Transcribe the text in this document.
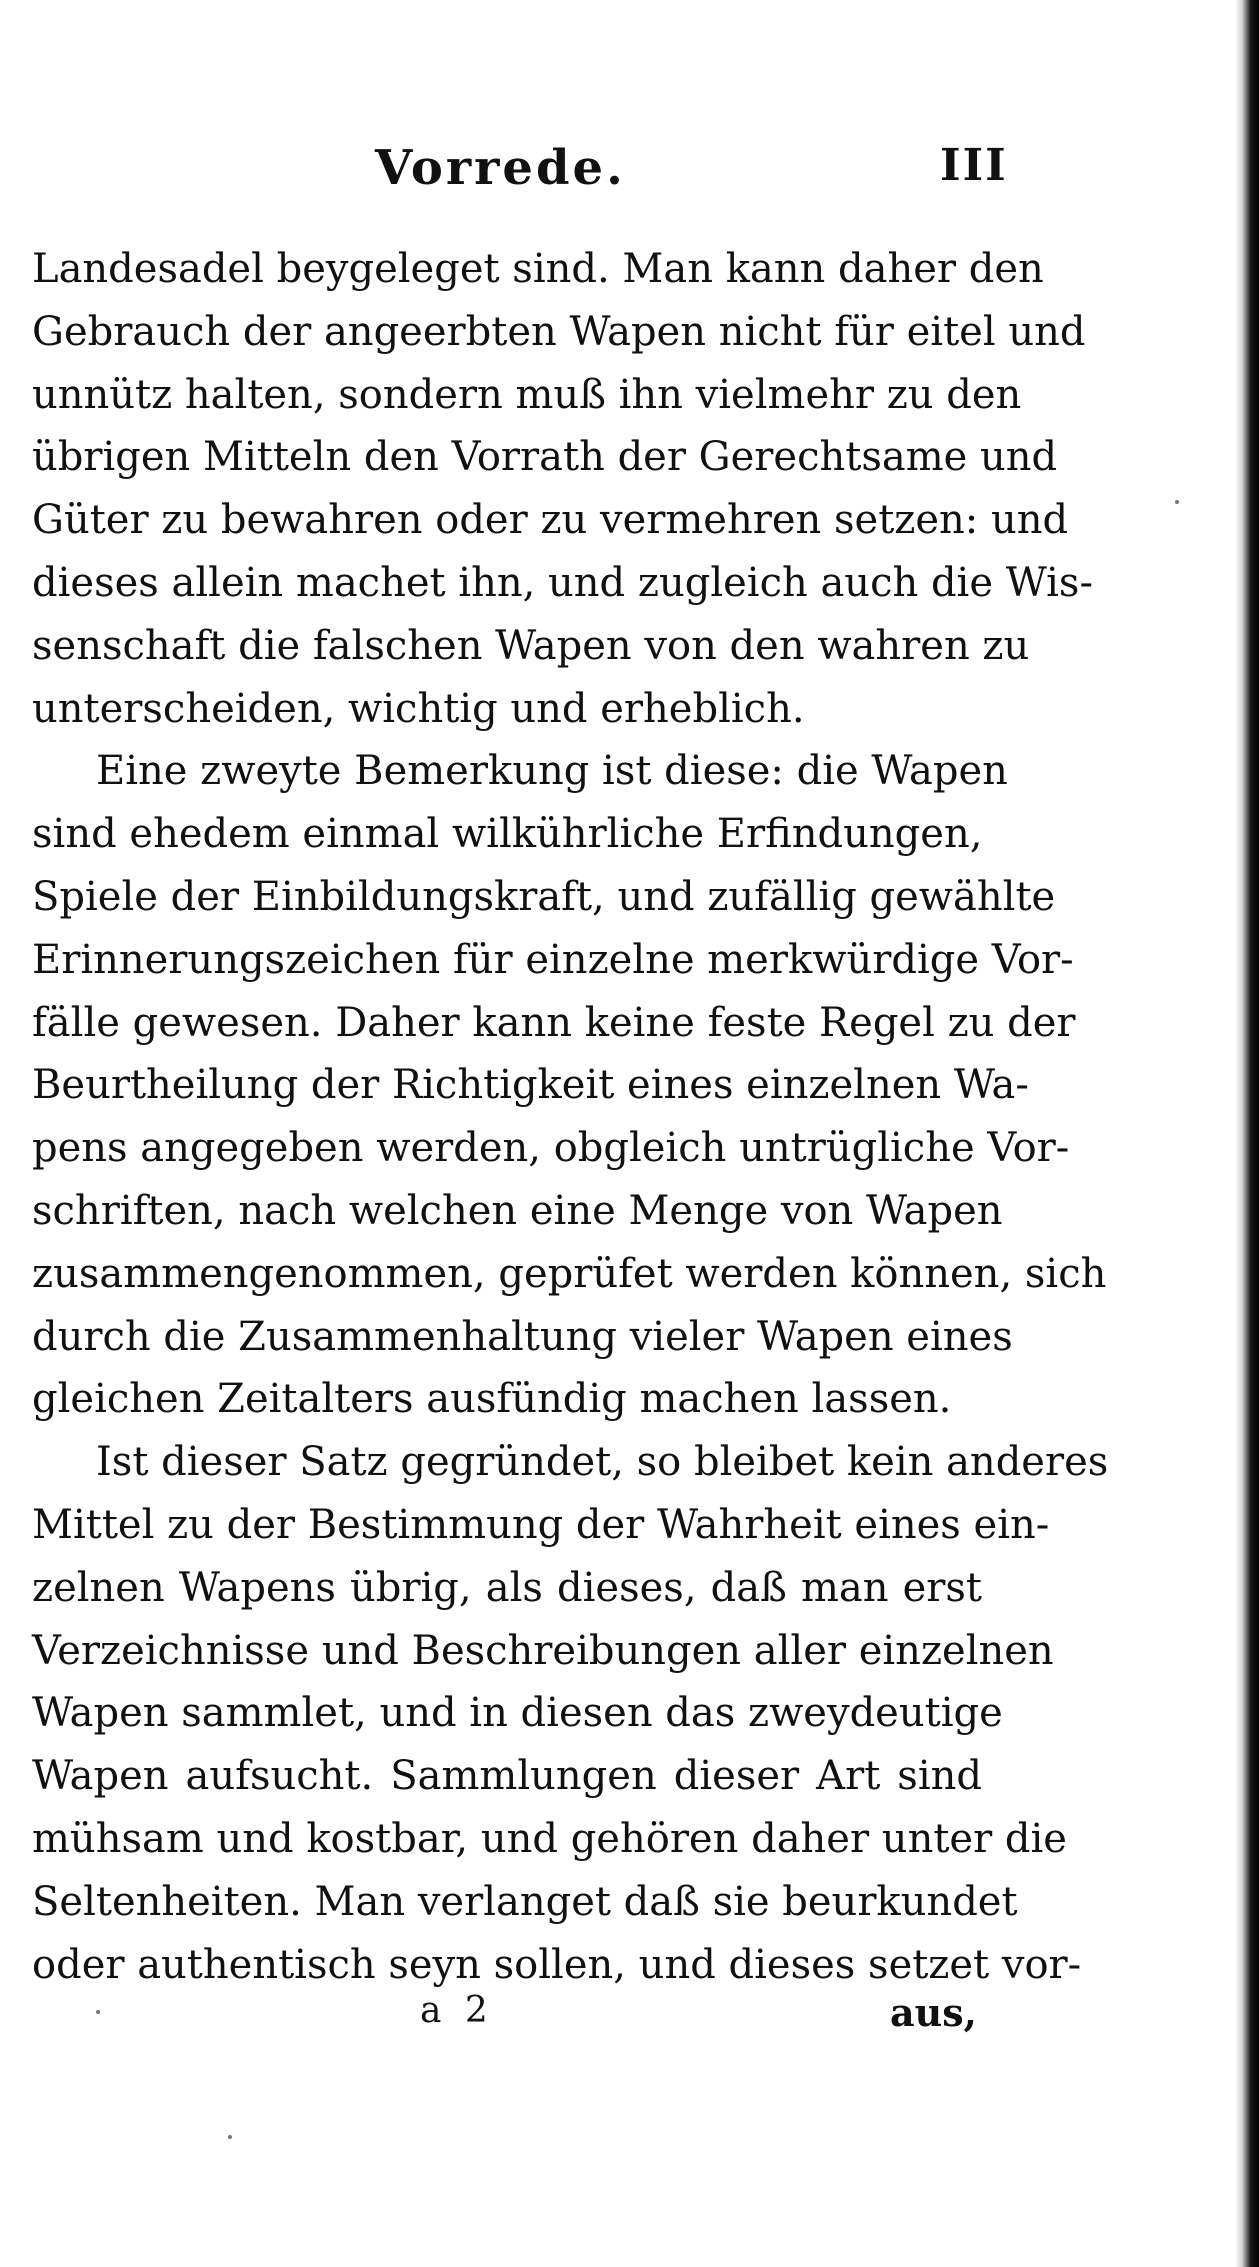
Vorrede.	III
Landesadel beygeleget sind. Man kann daher den
Gebrauch der angeerbten Wapen nicht für eitel und
unnütz halten, sondern muß ihn vielmehr zu den
übrigen Mitteln den Vorrath der Gerechtsame und
Güter zu bewahren oder zu vermehren setzen: und
dieses allein machet ihn, und zugleich auch die Wis-
senschaft die falschen Wapen von den wahren zu
unterscheiden, wichtig und erheblich.
Eine zweyte Bemerkung ist diese: die Wapen
sind ehedem einmal wilkührliche Erfindungen,
Spiele der Einbildungskraft, und zufällig gewählte
Erinnerungszeichen für einzelne merkwürdige Vor-
fälle gewesen. Daher kann keine feste Regel zu der
Beurtheilung der Richtigkeit eines einzelnen Wa-
pens angegeben werden, obgleich untrügliche Vor-
schriften, nach welchen eine Menge von Wapen
zusammengenommen, geprüfet werden können, sich
durch die Zusammenhaltung vieler Wapen eines
gleichen Zeitalters ausfündig machen lassen.
Ist dieser Satz gegründet, so bleibet kein anderes
Mittel zu der Bestimmung der Wahrheit eines ein-
zelnen Wapens übrig, als dieses, daß man erst
Verzeichnisse und Beschreibungen aller einzelnen
Wapen sammlet, und in diesen das zweydeutige
Wapen aufsucht. Sammlungen dieser Art sind
mühsam und kostbar, und gehören daher unter die
Seltenheiten. Man verlanget daß sie beurkundet
oder authentisch seyn sollen, und dieses setzet vor-
a 2	aus,
